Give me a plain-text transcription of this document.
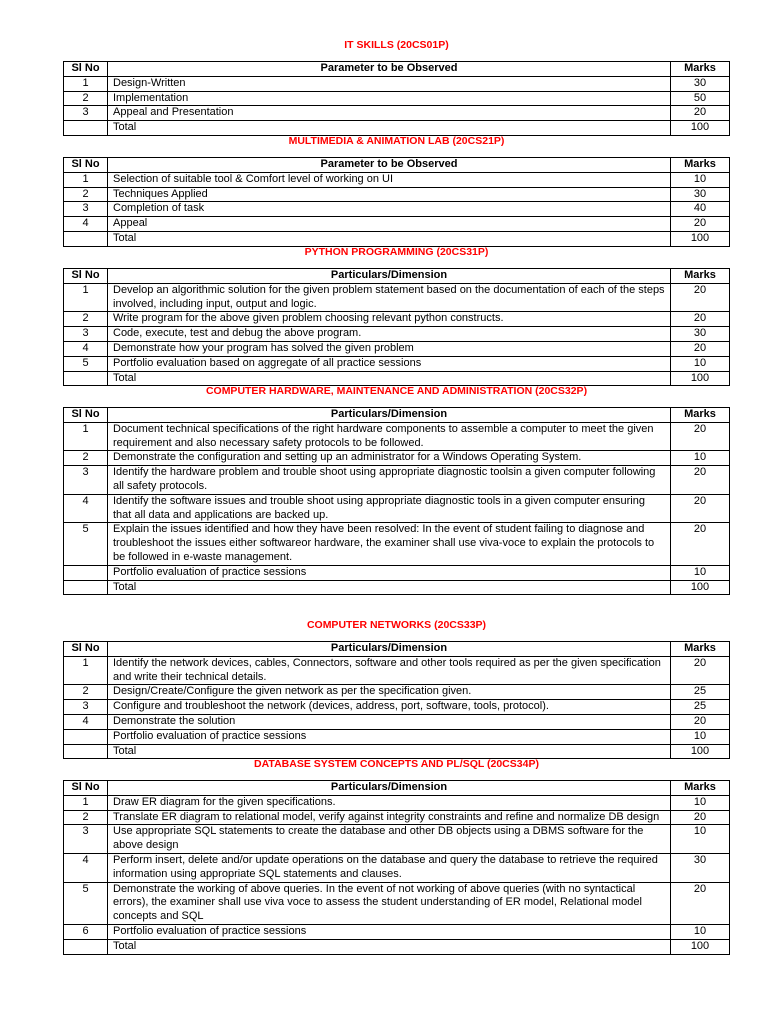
IT SKILLS (20CS01P)
Sl No	Parameter to be Observed	Marks
1	Design-Written	30
2	Implementation	50
3	Appeal and Presentation	20
	Total	100
MULTIMEDIA & ANIMATION LAB (20CS21P)
Sl No	Parameter to be Observed	Marks
1	Selection of suitable tool & Comfort level of working on UI	10
2	Techniques Applied	30
3	Completion of task	40
4	Appeal	20
	Total	100
PYTHON PROGRAMMING (20CS31P)
Sl No	Particulars/Dimension	Marks
1	Develop an algorithmic solution for the given problem statement based on the documentation of each of the steps involved, including input, output and logic.	20
2	Write program for the above given problem choosing relevant python constructs.	20
3	Code, execute, test and debug the above program.	30
4	Demonstrate how your program has solved the given problem	20
5	Portfolio evaluation based on aggregate of all practice sessions	10
	Total	100
COMPUTER HARDWARE, MAINTENANCE AND ADMINISTRATION (20CS32P)
Sl No	Particulars/Dimension	Marks
1	Document technical specifications of the right hardware components to assemble a computer to meet the given requirement and also necessary safety protocols to be followed.	20
2	Demonstrate the configuration and setting up an administrator for a Windows Operating System.	10
3	Identify the hardware problem and trouble shoot using appropriate diagnostic toolsin a given computer following all safety protocols.	20
4	Identify the software issues and trouble shoot using appropriate diagnostic tools in a given computer ensuring that all data and applications are backed up.	20
5	Explain the issues identified and how they have been resolved: In the event of student failing to diagnose and troubleshoot the issues either softwareor hardware, the examiner shall use viva-voce to explain the protocols to be followed in e-waste management.	20
	Portfolio evaluation of practice sessions	10
	Total	100
COMPUTER NETWORKS (20CS33P)
Sl No	Particulars/Dimension	Marks
1	Identify the network devices, cables, Connectors, software and other tools required as per the given specification and write their technical details.	20
2	Design/Create/Configure the given network as per the specification given.	25
3	Configure and troubleshoot the network (devices, address, port, software, tools, protocol).	25
4	Demonstrate the solution	20
	Portfolio evaluation of practice sessions	10
	Total	100
DATABASE SYSTEM CONCEPTS AND PL/SQL (20CS34P)
Sl No	Particulars/Dimension	Marks
1	Draw ER diagram for the given specifications.	10
2	Translate ER diagram to relational model, verify against integrity constraints and refine and normalize DB design	20
3	Use appropriate SQL statements to create the database and other DB objects using a DBMS software for the above design	10
4	Perform insert, delete and/or update operations on the database and query the database to retrieve the required information using appropriate SQL statements and clauses.	30
5	Demonstrate the working of above queries. In the event of not working of above queries (with no syntactical errors), the examiner shall use viva voce to assess the student understanding of ER model, Relational model concepts and SQL	20
6	Portfolio evaluation of practice sessions	10
	Total	100
